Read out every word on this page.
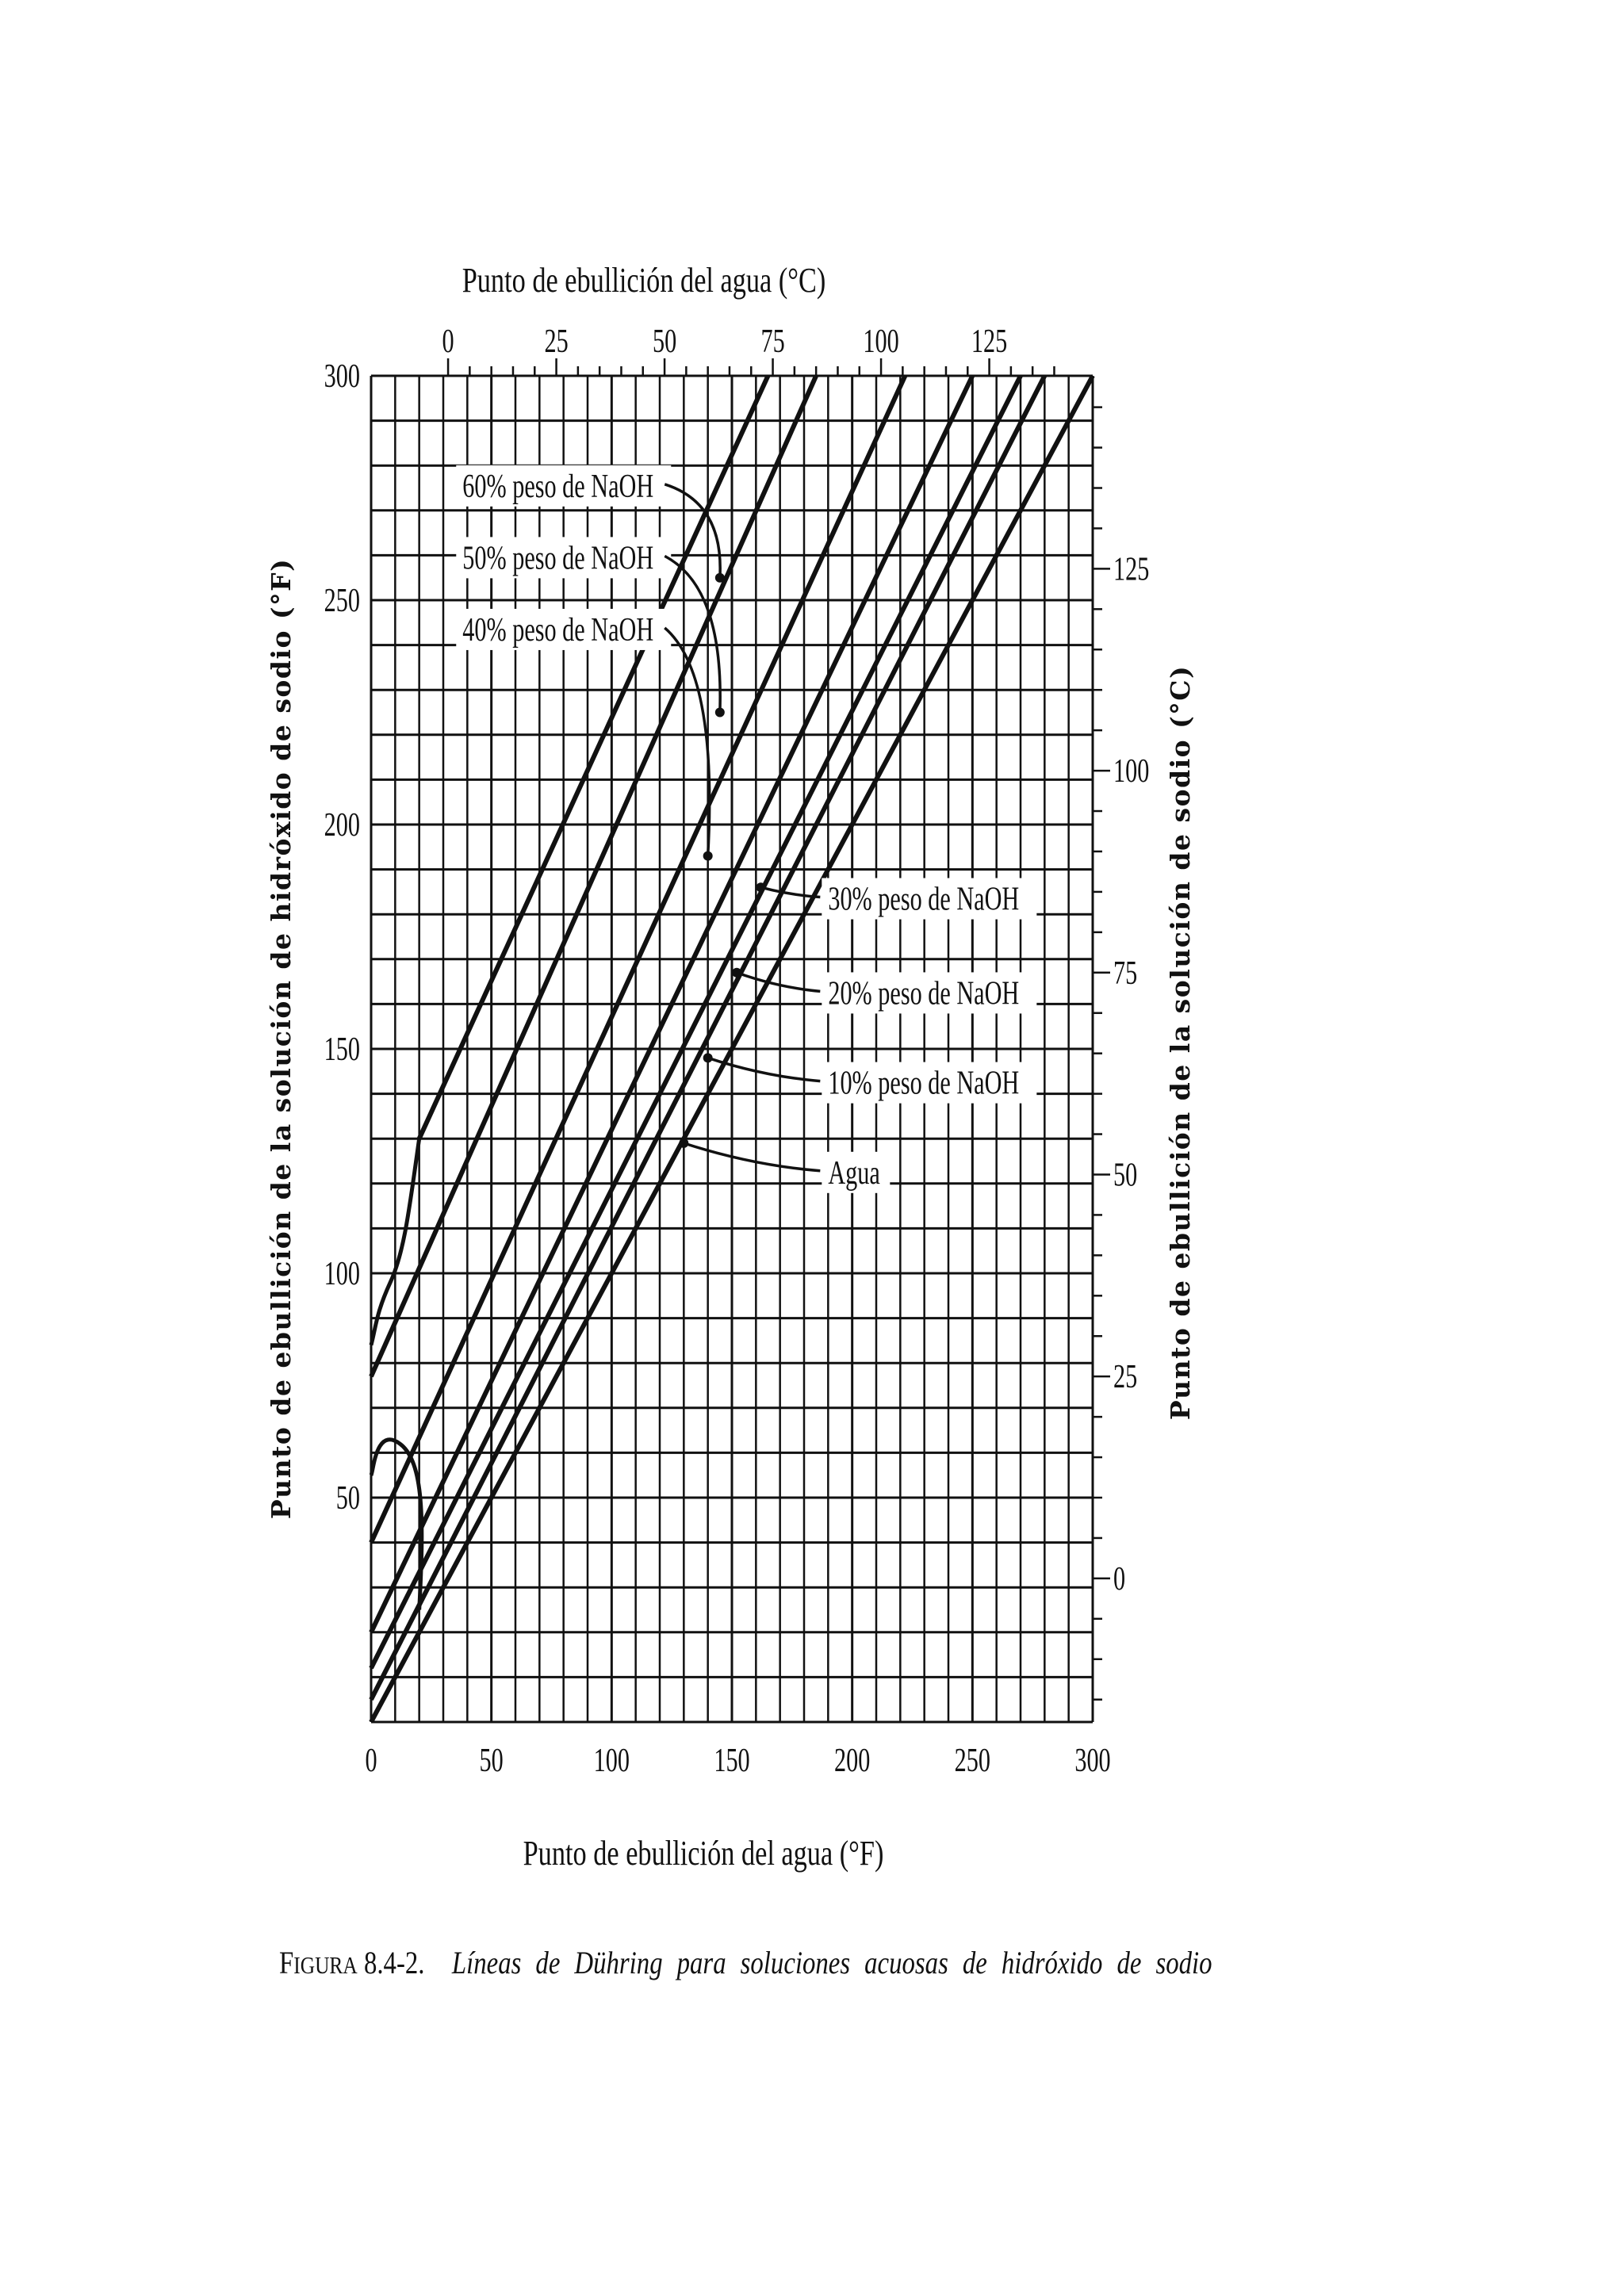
0	50	100	150	200	250	300
50
100
150
200
250
300
0	25	50	75 100 125
0
25
50
75
100
125
60% peso de NaOH
50% peso de NaOH
40% peso de NaOH
30% peso de NaOH
20% peso de NaOH
10% peso de NaOH
Agua
Punto de ebullición del agua (°C)
Punto de ebullición del agua (°F)
Punto de ebullición de la solución de hidróxido de sodio (°F)	Punto de ebullición de la solución de sodio (°C)
FIGURA 8.4-2. Líneas de Dühring para soluciones acuosas de hidróxido de sodio
